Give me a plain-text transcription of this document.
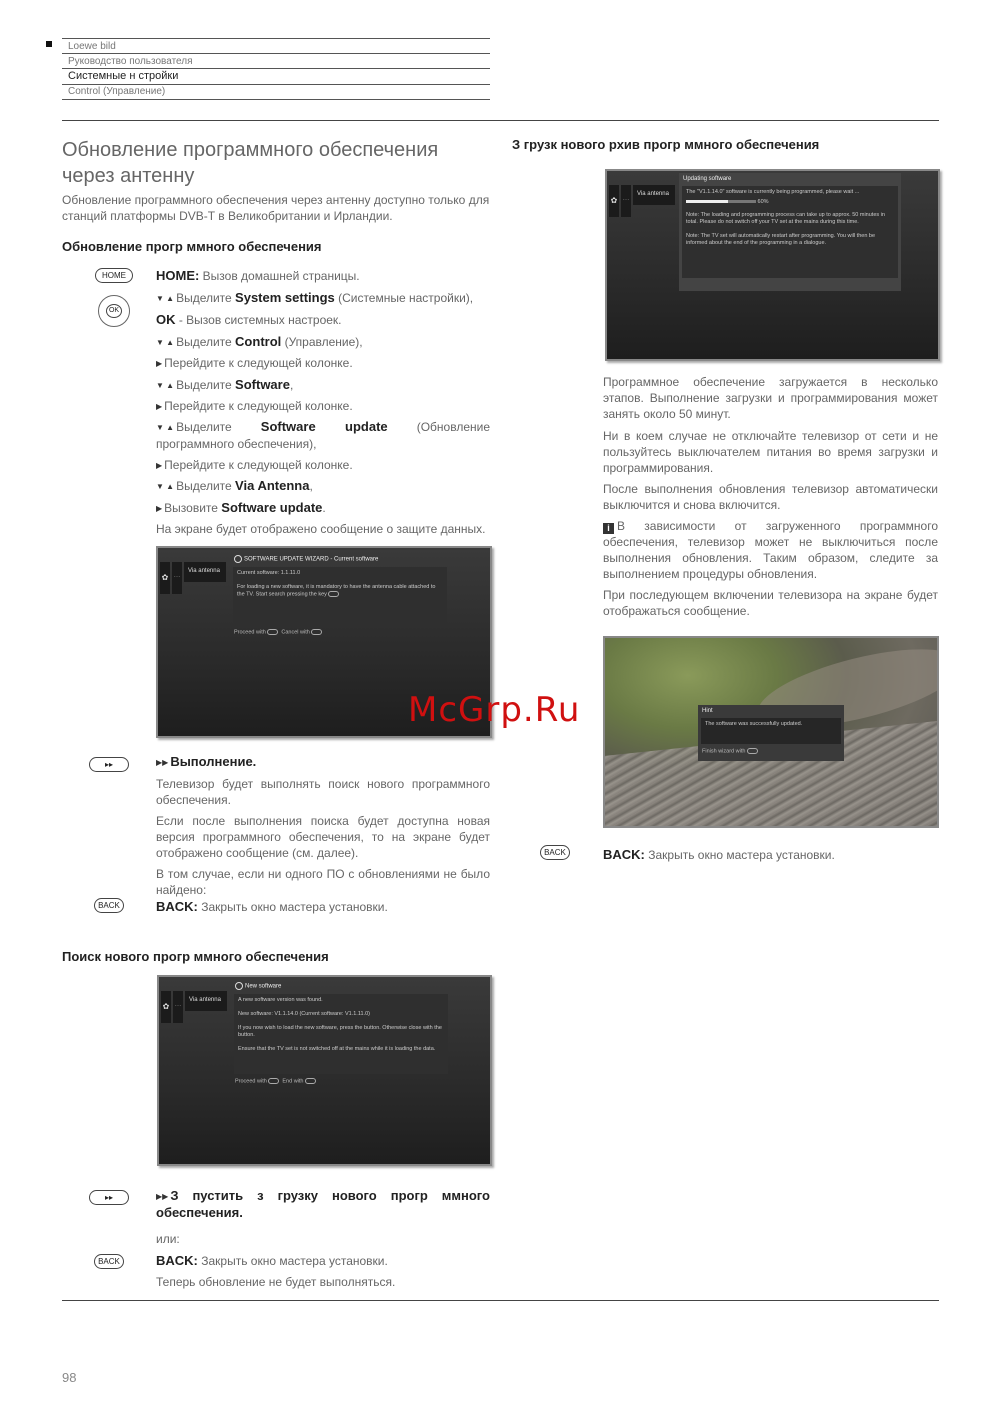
Loewe bild
Руководство пользователя
Системные н стройки
Control (Управление)
Обновление программного обеспечения
через антенну
Обновление программного обеспечения через антенну доступно только для станций платформы DVB-T в Великобритании и Ирландии.
Обновление прогр ммного обеспечения
HOME
OK
HOME: Вызов домашней страницы.
▼ ▲ Выделите System settings (Системные настройки),
OK - Вызов системных настроек.
▼ ▲ Выделите Control (Управление),
▶ Перейдите к следующей колонке.
▼ ▲ Выделите Software,
▶ Перейдите к следующей колонке.
▼ ▲ Выделите Software update (Обновление программного обеспечения),
▶ Перейдите к следующей колонке.
▼ ▲ Выделите Via Antenna,
▶ Вызовите Software update.
На экране будет отображено сообщение о защите данных.
✿ …
Via antenna
SOFTWARE UPDATE WIZARD - Current software
Current software: 1.1.11.0

For loading a new software, it is mandatory to have the antenna cable attached to the TV. Start search pressing the key
Proceed with	Cancel with
▸▸	▶▶ Выполнение.
Телевизор будет выполнять поиск нового программного обеспечения.
Если после выполнения поиска будет доступна новая версия программного обеспечения, то на экране будет отображено сообщение (см. далее).
В том случае, если ни одного ПО с обновлениями не было найдено:
BACK	BACK: Закрыть окно мастера установки.
Поиск нового прогр ммного обеспечения
✿ …
Via antenna
New software
A new software version was found.

New software: V1.1.14.0 (Current software: V1.1.11.0)

If you now wish to load the new software, press the button. Otherwise close with the button.

Ensure that the TV set is not switched off at the mains while it is loading the data.
Proceed with	End with
▸▸	▶▶ З пустить з грузку нового прогр ммного обеспечения.
или:
BACK	BACK: Закрыть окно мастера установки.
Теперь обновление не будет выполняться.
98
З грузк нового рхив прогр ммного обеспечения
✿ …
Via antenna
Updating software
The "V1.1.14.0" software is currently being programmed, please wait ...
60%
Note: The loading and programming process can take up to approx. 50 minutes in total. Please do not switch off your TV set at the mains during this time.

Note: The TV set will automatically restart after programming. You will then be informed about the end of the programming in a dialogue.
Программное обеспечение загружается в несколько этапов. Выполнение загрузки и программирования может занять около 50 минут.
Ни в коем случае не отключайте телевизор от сети и не пользуйтесь выключателем питания во время загрузки и программирования.
После выполнения обновления телевизор автоматически выключится и снова включится.
i В зависимости от загруженного программного обеспечения, телевизор может не выключиться после выполнения обновления. Таким образом, следите за выполнением процедуры обновления.
При последующем включении телевизора на экране будет отображаться сообщение.
Hint
The software was successfully updated.
Finish wizard with
BACK	BACK: Закрыть окно мастера установки.
McGrp.Ru
